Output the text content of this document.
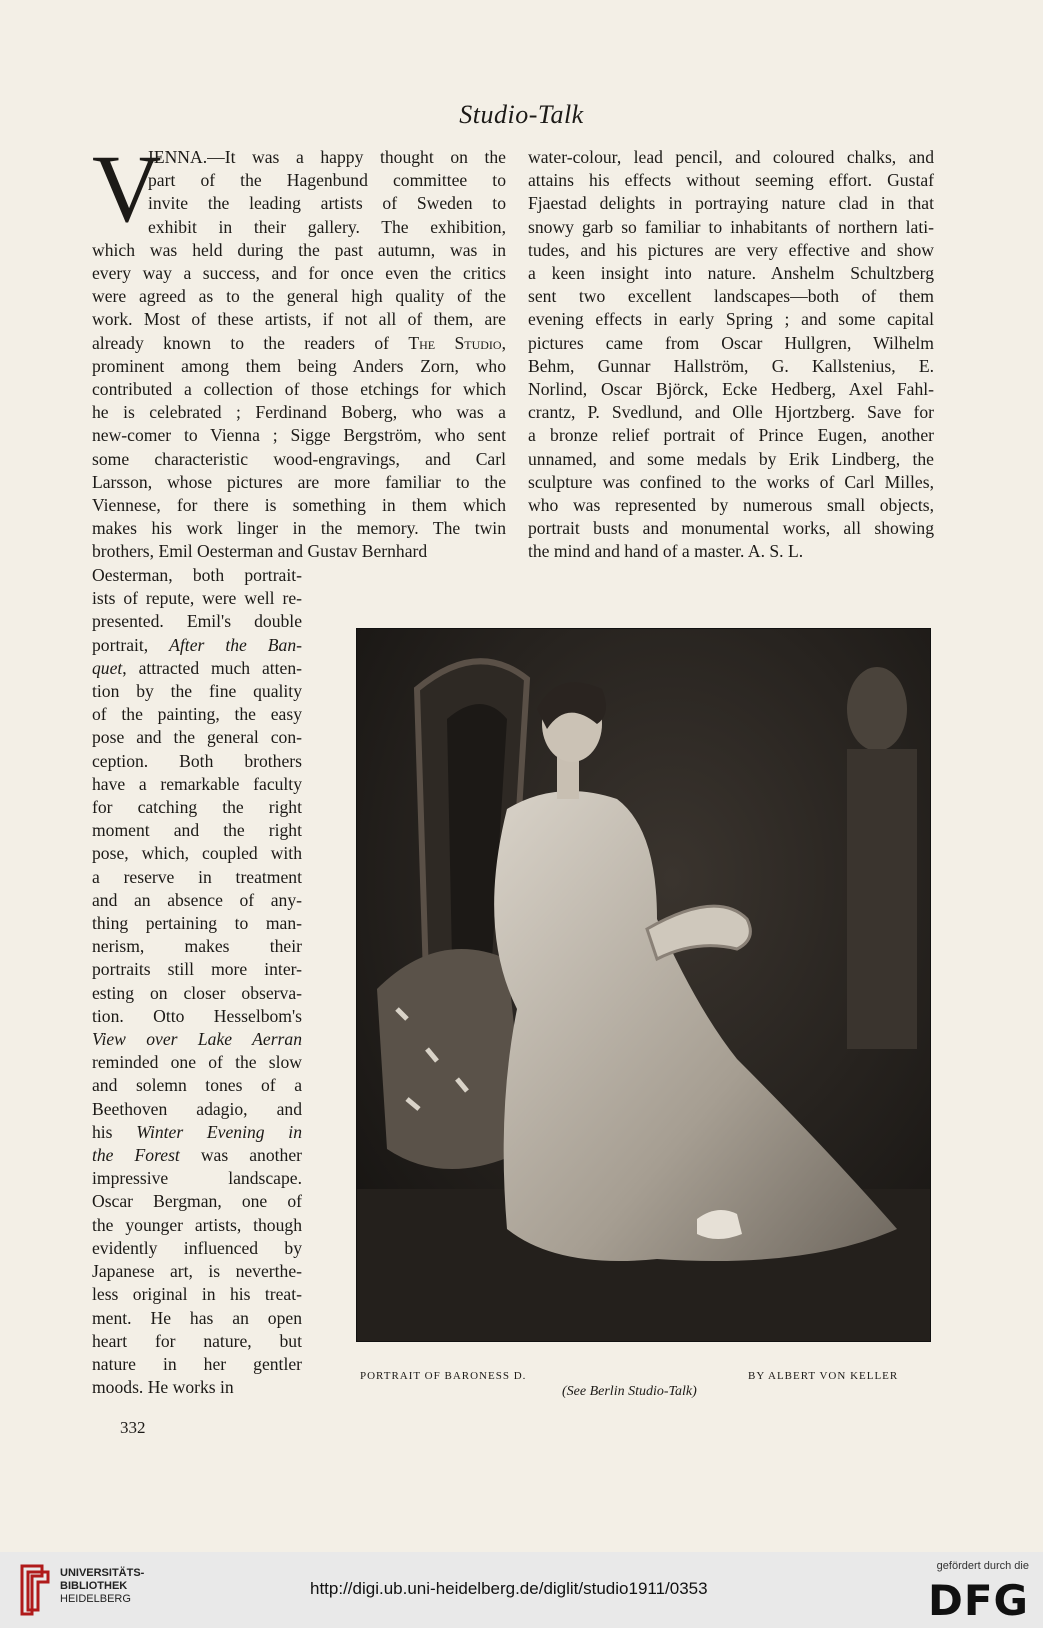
Studio-Talk
V
IENNA.—It was a happy thought on the
part of the Hagenbund committee to
invite the leading artists of Sweden to
exhibit in their gallery. The exhibition,
which was held during the past autumn, was in
every way a success, and for once even the critics
were agreed as to the general high quality of the
work. Most of these artists, if not all of them, are
already known to the readers of The Studio,
prominent among them being Anders Zorn, who
contributed a collection of those etchings for which
he is celebrated ; Ferdinand Boberg, who was a
new-comer to Vienna ; Sigge Bergström, who sent
some characteristic wood-engravings, and Carl
Larsson, whose pictures are more familiar to the
Viennese, for there is something in them which
makes his work linger in the memory. The twin
brothers, Emil Oesterman and Gustav Bernhard
Oesterman, both portrait-
ists of repute, were well re-
presented. Emil's double
portrait, After the Ban-
quet, attracted much atten-
tion by the fine quality
of the painting, the easy
pose and the general con-
ception. Both brothers
have a remarkable faculty
for catching the right
moment and the right
pose, which, coupled with
a reserve in treatment
and an absence of any-
thing pertaining to man-
nerism, makes their
portraits still more inter-
esting on closer observa-
tion. Otto Hesselbom's
View over Lake Aerran
reminded one of the slow
and solemn tones of a
Beethoven adagio, and
his Winter Evening in
the Forest was another
impressive landscape.
Oscar Bergman, one of
the younger artists, though
evidently influenced by
Japanese art, is neverthe-
less original in his treat-
ment. He has an open
heart for nature, but
nature in her gentler
moods. He works in
water-colour, lead pencil, and coloured chalks, and
attains his effects without seeming effort. Gustaf
Fjaestad delights in portraying nature clad in that
snowy garb so familiar to inhabitants of northern lati-
tudes, and his pictures are very effective and show
a keen insight into nature. Anshelm Schultzberg
sent two excellent landscapes—both of them
evening effects in early Spring ; and some capital
pictures came from Oscar Hullgren, Wilhelm
Behm, Gunnar Hallström, G. Kallstenius, E.
Norlind, Oscar Björck, Ecke Hedberg, Axel Fahl-
crantz, P. Svedlund, and Olle Hjortzberg. Save for
a bronze relief portrait of Prince Eugen, another
unnamed, and some medals by Erik Lindberg, the
sculpture was confined to the works of Carl Milles,
who was represented by numerous small objects,
portrait busts and monumental works, all showing
the mind and hand of a master. A. S. L.
PORTRAIT OF BARONESS D.	BY ALBERT VON KELLER
(See Berlin Studio-Talk)
332
UNIVERSITÄTS-
BIBLIOTHEK
HEIDELBERG
http://digi.ub.uni-heidelberg.de/diglit/studio1911/0353
gefördert durch die
DFG
